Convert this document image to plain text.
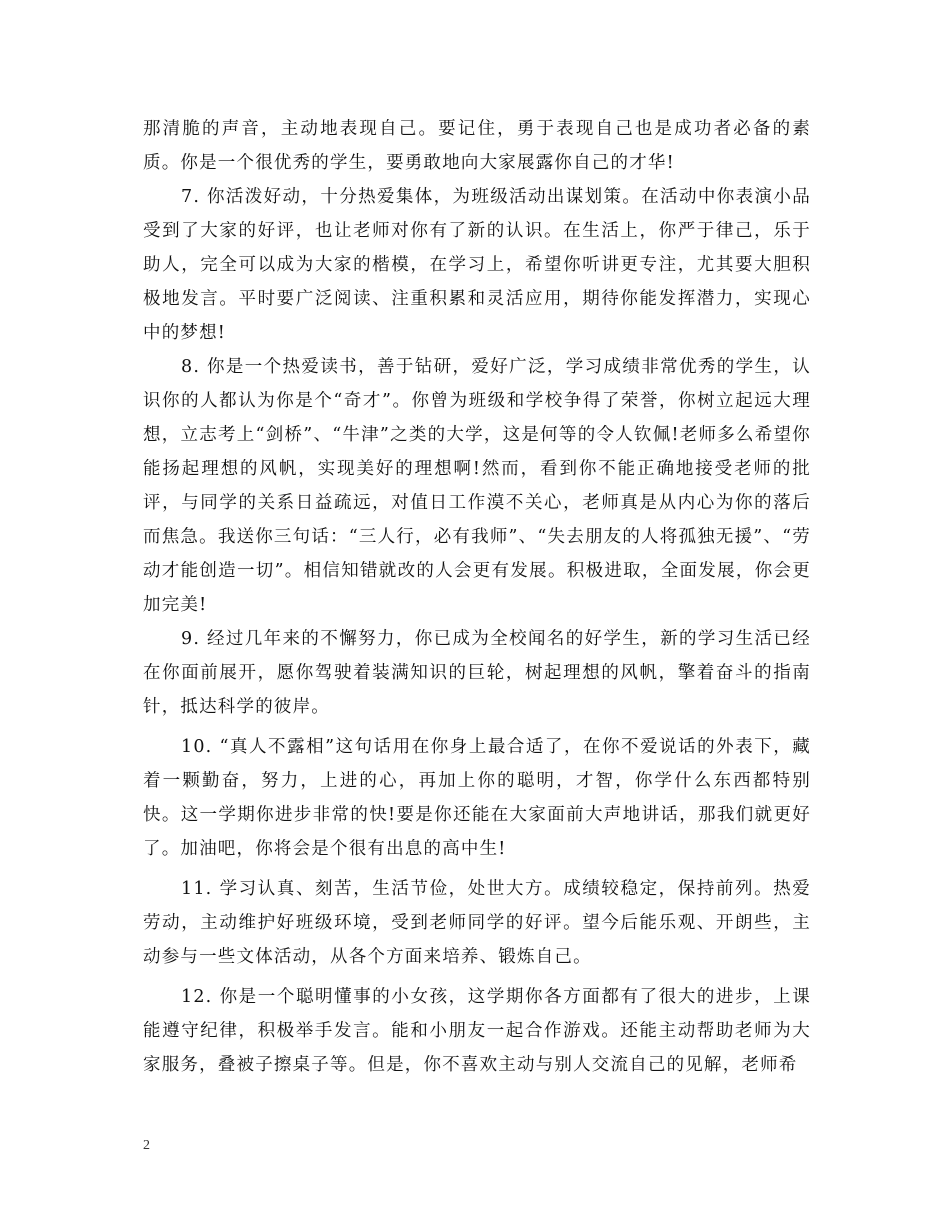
那清脆的声音，主动地表现自己。要记住，勇于表现自己也是成功者必备的素质。你是一个很优秀的学生，要勇敢地向大家展露你自己的才华!

7. 你活泼好动，十分热爱集体，为班级活动出谋划策。在活动中你表演小品受到了大家的好评，也让老师对你有了新的认识。在生活上，你严于律己，乐于助人，完全可以成为大家的楷模，在学习上，希望你听讲更专注，尤其要大胆积极地发言。平时要广泛阅读、注重积累和灵活应用，期待你能发挥潜力，实现心中的梦想!

8. 你是一个热爱读书，善于钻研，爱好广泛，学习成绩非常优秀的学生，认识你的人都认为你是个“奇才”。你曾为班级和学校争得了荣誉，你树立起远大理想，立志考上“剑桥”、“牛津”之类的大学，这是何等的令人钦佩!老师多么希望你能扬起理想的风帆，实现美好的理想啊!然而，看到你不能正确地接受老师的批评，与同学的关系日益疏远，对值日工作漠不关心，老师真是从内心为你的落后而焦急。我送你三句话：“三人行，必有我师”、“失去朋友的人将孤独无援”、“劳动才能创造一切”。相信知错就改的人会更有发展。积极进取，全面发展，你会更加完美!

9. 经过几年来的不懈努力，你已成为全校闻名的好学生，新的学习生活已经在你面前展开，愿你驾驶着装满知识的巨轮，树起理想的风帆，擎着奋斗的指南针，抵达科学的彼岸。

10. “真人不露相”这句话用在你身上最合适了，在你不爱说话的外表下，藏着一颗勤奋，努力，上进的心，再加上你的聪明，才智，你学什么东西都特别快。这一学期你进步非常的快!要是你还能在大家面前大声地讲话，那我们就更好了。加油吧，你将会是个很有出息的高中生!

11. 学习认真、刻苦，生活节俭，处世大方。成绩较稳定，保持前列。热爱劳动，主动维护好班级环境，受到老师同学的好评。望今后能乐观、开朗些，主动参与一些文体活动，从各个方面来培养、锻炼自己。

12. 你是一个聪明懂事的小女孩，这学期你各方面都有了很大的进步，上课能遵守纪律，积极举手发言。能和小朋友一起合作游戏。还能主动帮助老师为大家服务，叠被子擦桌子等。但是，你不喜欢主动与别人交流自己的见解，老师希

2
